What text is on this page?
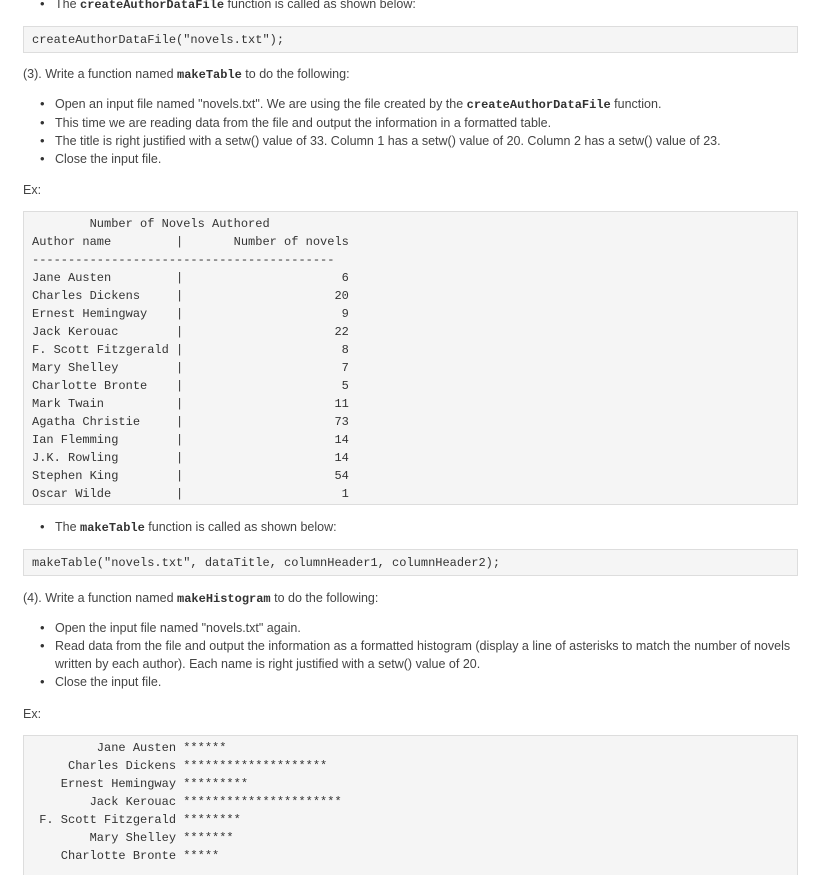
• The createAuthorDataFile function is called as shown below:
createAuthorDataFile("novels.txt");
(3). Write a function named makeTable to do the following:
• Open an input file named "novels.txt". We are using the file created by the createAuthorDataFile function.
• This time we are reading data from the file and output the information in a formatted table.
• The title is right justified with a setw() value of 33. Column 1 has a setw() value of 20. Column 2 has a setw() value of 23.
• Close the input file.
Ex:
Number of Novels Authored
Author name         |       Number of novels
------------------------------------------
Jane Austen         |                      6
Charles Dickens     |                     20
Ernest Hemingway    |                      9
Jack Kerouac        |                     22
F. Scott Fitzgerald |                      8
Mary Shelley        |                      7
Charlotte Bronte    |                      5
Mark Twain          |                     11
Agatha Christie     |                     73
Ian Flemming        |                     14
J.K. Rowling        |                     14
Stephen King        |                     54
Oscar Wilde         |                      1
• The makeTable function is called as shown below:
makeTable("novels.txt", dataTitle, columnHeader1, columnHeader2);
(4). Write a function named makeHistogram to do the following:
• Open the input file named "novels.txt" again.
• Read data from the file and output the information as a formatted histogram (display a line of asterisks to match the number of novels written by each author). Each name is right justified with a setw() value of 20.
• Close the input file.
Ex:
Jane Austen ******
Charles Dickens ********************
Ernest Hemingway *********
Jack Kerouac **********************
F. Scott Fitzgerald ********
Mary Shelley *******
Charlotte Bronte *****
